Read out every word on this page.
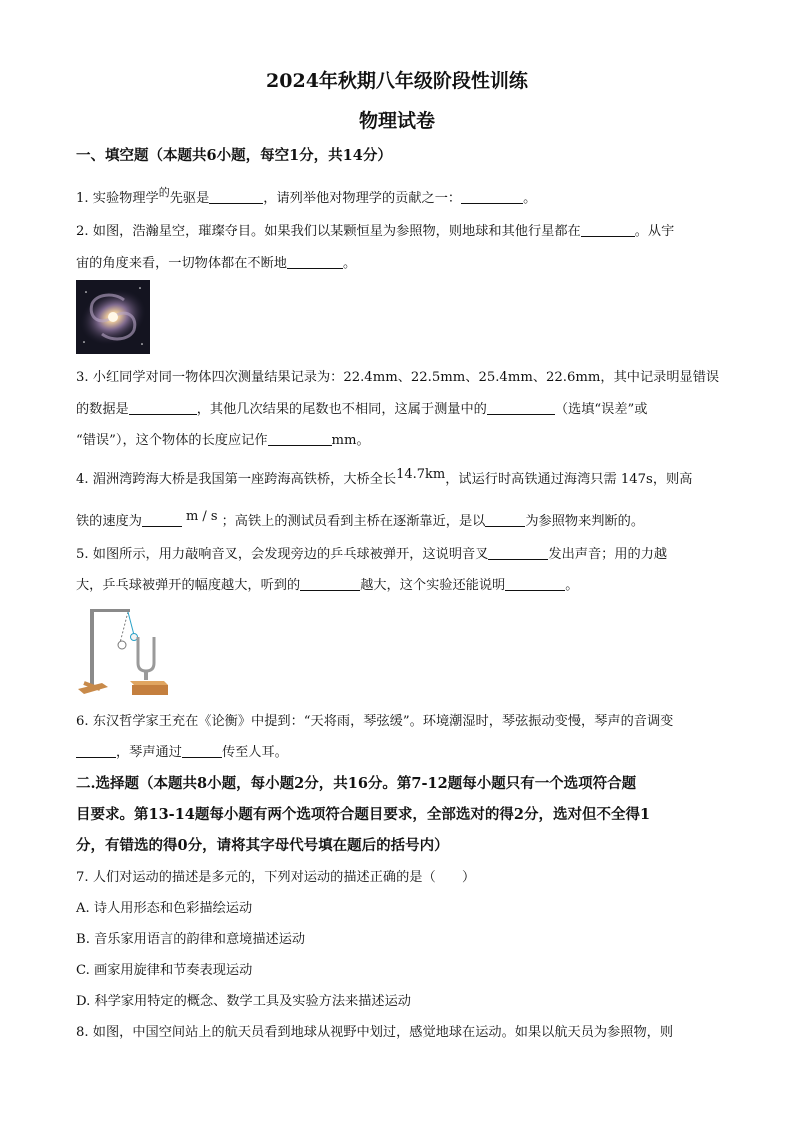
2024年秋期八年级阶段性训练
物理试卷
一、填空题（本题共6小题，每空1分，共14分）
1. 实验物理学$^的$先驱是	，请列举他对物理学的贡献之一：	。
2. 如图，浩瀚星空，璀璨夺目。如果我们以某颗恒星为参照物，则地球和其他行星都在	。从宇
宙的角度来看，一切物体都在不断地	。
3. 小红同学对同一物体四次测量结果记录为：22.4mm、22.5mm、25.4mm、22.6mm，其中记录明显错误
的数据是	，其他几次结果的尾数也不相同，这属于测量中的	（选填“误差”或
“错误”），这个物体的长度应记作	mm。
4. 湄洲湾跨海大桥是我国第一座跨海高铁桥，大桥全长14.7km，试运行时高铁通过海湾只需 147s，则高
铁的速度为	m / s ；高铁上的测试员看到主桥在逐渐靠近，是以	为参照物来判断的。
5. 如图所示，用力敲响音叉，会发现旁边的乒乓球被弹开，这说明音叉	发出声音；用的力越
大，乒乓球被弹开的幅度越大，听到的	越大，这个实验还能说明	。
6. 东汉哲学家王充在《论衡》中提到：“天将雨，琴弦缓”。环境潮湿时，琴弦振动变慢，琴声的音调变
，琴声通过	传至人耳。
二.选择题（本题共8小题，每小题2分，共16分。第7-12题每小题只有一个选项符合题
目要求。第13-14题每小题有两个选项符合题目要求，全部选对的得2分，选对但不全得1
分，有错选的得0分，请将其字母代号填在题后的括号内）
7. 人们对运动的描述是多元的，下列对运动的描述正确的是（　　）
A. 诗人用形态和色彩描绘运动
B. 音乐家用语言的韵律和意境描述运动
C. 画家用旋律和节奏表现运动
D. 科学家用特定的概念、数学工具及实验方法来描述运动
8. 如图，中国空间站上的航天员看到地球从视野中划过，感觉地球在运动。如果以航天员为参照物，则
